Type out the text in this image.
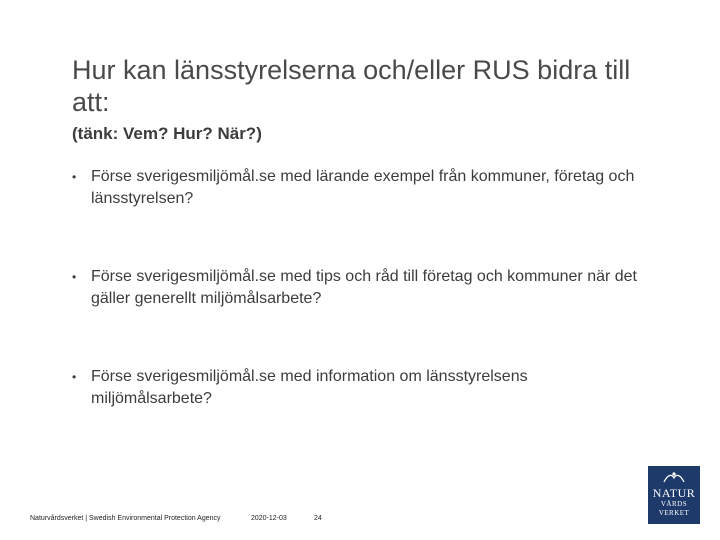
Hur kan länsstyrelserna och/eller RUS bidra till att:
(tänk: Vem? Hur? När?)
• Förse sverigesmiljömål.se med lärande exempel från kommuner, företag och länsstyrelsen?
• Förse sverigesmiljömål.se med tips och råd till företag och kommuner när det gäller generellt miljömålsarbete?
• Förse sverigesmiljömål.se med information om länsstyrelsens miljömålsarbete?
Naturvårdsverket | Swedish Environmental Protection Agency	2020-12-03	24
NATUR
VÅRDS
VERKET
